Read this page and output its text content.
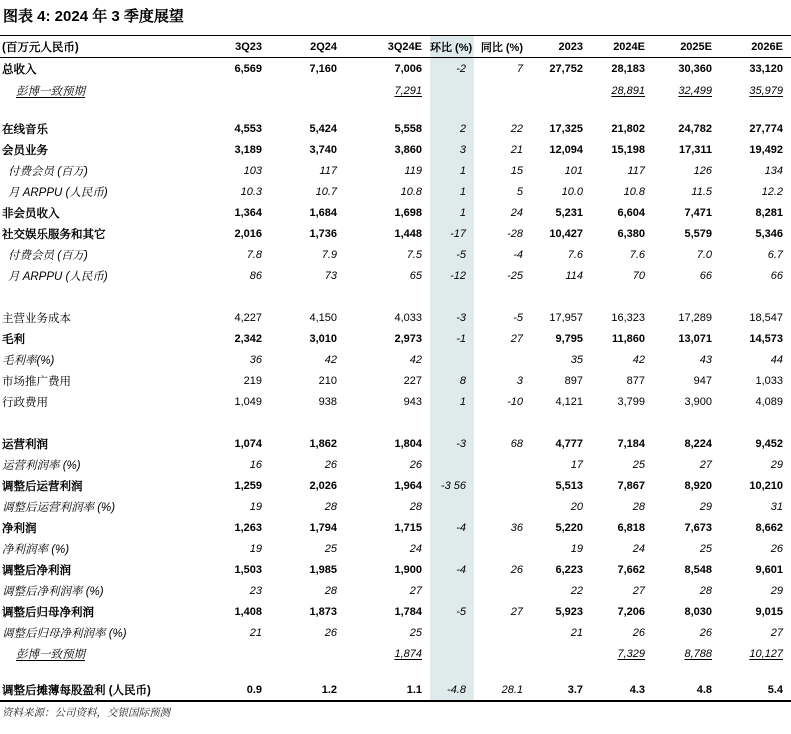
图表 4: 2024 年 3 季度展望
(百万元人民币)	3Q23	2Q24	3Q24E	环比 (%)	同比 (%)	2023	2024E	2025E	2026E
总收入	6,569	7,160	7,006	-2	7	27,752	28,183	30,360	33,120
彭博一致预期			7,291				28,891	32,499	35,979

在线音乐	4,553	5,424	5,558	2	22	17,325	21,802	24,782	27,774
会员业务	3,189	3,740	3,860	3	21	12,094	15,198	17,311	19,492
付费会员 (百万)	103	117	119	1	15	101	117	126	134
月 ARPPU (人民币)	10.3	10.7	10.8	1	5	10.0	10.8	11.5	12.2
非会员收入	1,364	1,684	1,698	1	24	5,231	6,604	7,471	8,281
社交娱乐服务和其它	2,016	1,736	1,448	-17	-28	10,427	6,380	5,579	5,346
付费会员 (百万)	7.8	7.9	7.5	-5	-4	7.6	7.6	7.0	6.7
月 ARPPU (人民币)	86	73	65	-12	-25	114	70	66	66

主营业务成本	4,227	4,150	4,033	-3	-5	17,957	16,323	17,289	18,547
毛利	2,342	3,010	2,973	-1	27	9,795	11,860	13,071	14,573
毛利率(%)	36	42	42			35	42	43	44
市场推广费用	219	210	227	8	3	897	877	947	1,033
行政费用	1,049	938	943	1	-10	4,121	3,799	3,900	4,089

运营利润	1,074	1,862	1,804	-3	68	4,777	7,184	8,224	9,452
运营利润率 (%)	16	26	26			17	25	27	29
调整后运营利润	1,259	2,026	1,964	-3 56		5,513	7,867	8,920	10,210
调整后运营利润率 (%)	19	28	28			20	28	29	31
净利润	1,263	1,794	1,715	-4	36	5,220	6,818	7,673	8,662
净利润率 (%)	19	25	24			19	24	25	26
调整后净利润	1,503	1,985	1,900	-4	26	6,223	7,662	8,548	9,601
调整后净利润率 (%)	23	28	27			22	27	28	29
调整后归母净利润	1,408	1,873	1,784	-5	27	5,923	7,206	8,030	9,015
调整后归母净利润率 (%)	21	26	25			21	26	26	27
彭博一致预期			1,874				7,329	8,788	10,127

调整后摊薄每股盈利 (人民币)	0.9	1.2	1.1	-4.8	28.1	3.7	4.3	4.8	5.4
资料来源：公司资料，交银国际预测
